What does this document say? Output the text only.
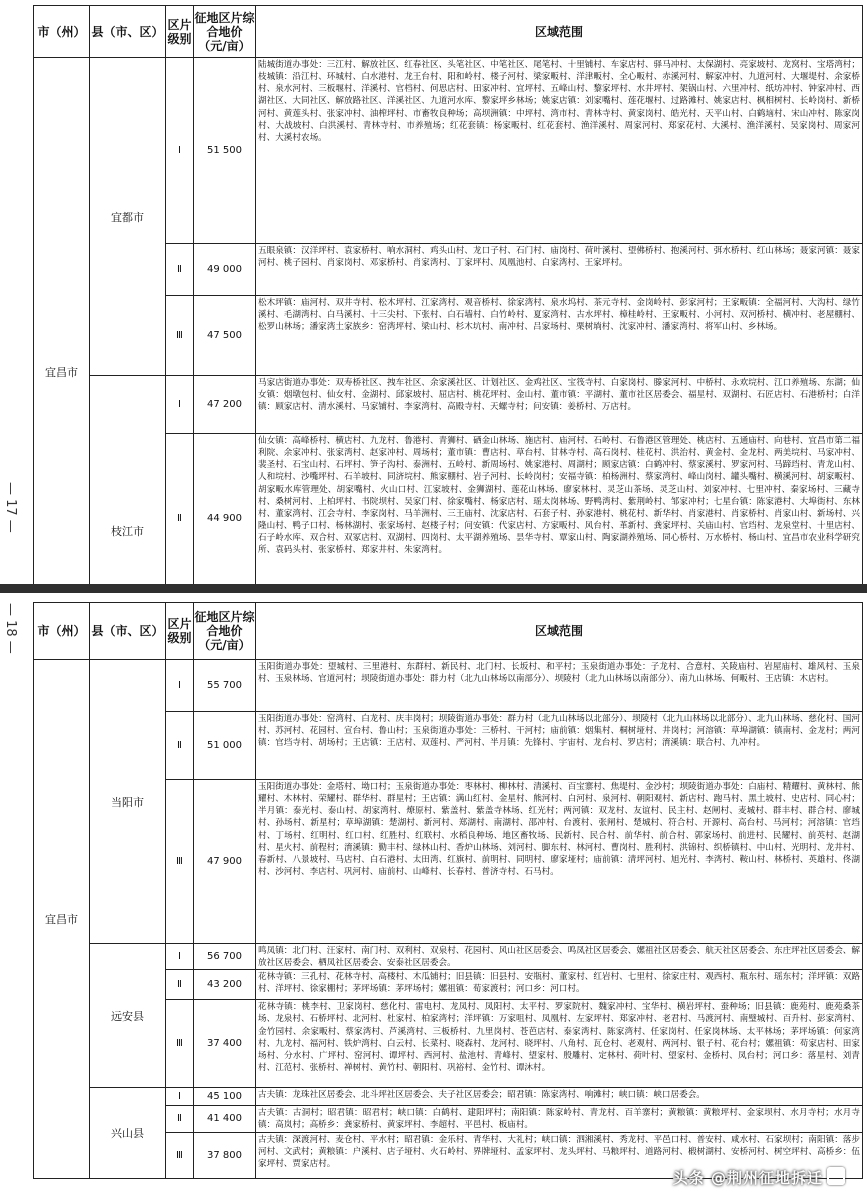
市（州）	县（市、区）	区片级别	征地区片综合地价（元/亩）	区域范围
宜昌市	宜都市	Ⅰ	51 500	陆城街道办事处：三江村、解放社区、红春社区、头笔社区、中笔社区、尾笔村、十里铺村、车家店村、驿马冲村、太保湖村、亮家坡村、龙窝村、宝塔湾村；枝城镇：沿江村、环城村、白水港村、龙王台村、阳和岭村、楼子河村、梁家畈村、洋津畈村、全心畈村、赤溪河村、解家冲村、九道河村、大堰堤村、余家桥村、泉水河村、三板堰村、洋溪村、官档村、何思店村、田家冲村、宜坪村、五峰山村、黎家坪村、水井坪村、架锅山村、六里冲村、纸坊冲村、钟家冲村、西湖社区、大同社区、解放路社区、洋溪社区、九道河水库、黎家坪乡林场；姚家店镇：刘家嘴村、莲花堰村、过路滩村、姚家店村、枫相树村、长岭岗村、新桥河村、黄莲头村、张家冲村、油榨坪村、市畜牧良种场；高坝洲镇：中坪村、湾市村、青林寺村、黄家岗村、皓光村、天平山村、白鹤垴村、宋山冲村、陈家岗村、大战坡村、白洪溪村、青林寺村、市养殖场；红花套镇：杨家畈村、红花套村、渔洋溪村、周家河村、郑家花村、大溪村、渔洋溪村、吴家岗村、周家河村、大溪村农场。
		Ⅱ	49 000	五眼泉镇：汉洋坪村、袁家桥村、响水洞村、鸡头山村、龙口子村、石门村、庙岗村、荷叶溪村、望佛桥村、抱溪河村、弭水桥村、红山林场；聂家河镇：聂家河村、桃子园村、肖家岗村、邓家桥村、肖家湾村、丁家坪村、凤凰池村、白家湾村、王家坪村。
		Ⅲ	47 500	松木坪镇：庙河村、双井寺村、松木坪村、江家湾村、观音桥村、徐家湾村、泉水坞村、茶元寺村、金岗岭村、彭家河村；王家畈镇：全福河村、大沟村、绿竹溪村、毛湖湾村、白马溪村、十三尖村、下张村、白石墙村、白竹岭村、夏家湾村、古水坪村、樟桂岭村、王家畈村、小河村、双河桥村、横冲村、老屋棚村、松罗山林场；潘家湾土家族乡：窑湾坪村、梁山村、杉木坑村、南冲村、吕家场村、栗树埫村、沈家冲村、潘家湾村、将军山村、乡林场。
	枝江市	Ⅰ	47 200	马家店街道办事处：双寿桥社区、拽车社区、余家溪社区、计划社区、金鸡社区、宝筏寺村、白家岗村、滕家河村、中桥村、永欢垸村、江口养殖场、东湖；仙女镇：烟墩包村、仙女村、金湖村、邱家坡村、屈店村、桃花坪村、金山村、董市镇：平湖村、董市社区居委会、福星村、双湖村、石匠店村、石港桥村；白洋镇：顾家店村、清水溪村、马家铺村、李家湾村、高殿寺村、天螺寺村；问安镇：姜桥村、万店村。
		Ⅱ	44 900	仙女镇：高峰桥村、横店村、九龙村、鲁港村、青狮村、硒金山林场、施店村、庙河村、石岭村、石鲁港区管理处、桃店村、五通庙村、向巷村、宜昌市第二福利院、余家冲村、张家湾村、赵家冲村、周场村；董市镇：曹店村、草台村、甘林寺村、高石岗村、桂花村、洪治村、黄金村、金龙村、两美垸村、马家冲村、裴圣村、石宝山村、石坪村、笋子沟村、泰洲村、五岭村、新周场村、姚家港村、周湖村；顾家店镇：白鹤冲村、蔡家溪村、罗家河村、马蹄垱村、青龙山村、人和垸村、沙嘴坪村、石羊坡村、同济垸村、熊家棚村、岩子河村、长岭岗村；安福寺镇：柏杨洲村、蔡家湾村、峰山岗村、罐头嘴村、横溪河村、胡家畈村、胡家畈水库管理处、胡家嘴村、火山口村、江家坡村、金狮湖村、莲花山林场、廖家林村、灵芝山茶场、灵芝山村、刘家冲村、七里冲村、秦家场村、三藏寺村、桑树河村、上柏坪村、书院坝村、吴家门村、徐家嘴村、杨家店村、瑶太岗林场、野鸭湾村、紫荆岭村、邹家冲村；七星台镇：陈家港村、大埠街村、东林村、董家湾村、江会寺村、李家岗村、马羊洲村、三王庙村、沈家店村、石套子村、孙家港村、桃花村、新华村、肖家港村、肖家桥村、肖家山村、新场村、兴隆山村、鸭子口村、杨林湖村、张家场村、赵楼子村；问安镇：代家店村、方家畈村、风台村、革新村、龚家坪村、关庙山村、官垱村、龙泉堂村、十里店村、石子岭水库、双合村、双冢店村、双湖村、四岗村、太平湖养殖场、昙华寺村、覃家山村、陶家湖养殖场、同心桥村、万水桥村、杨山村、宜昌市农业科学研究所、袁码头村、张家桥村、郑家井村、朱家湾村。

— 17 —
市（州）	县（市、区）	区片级别	征地区片综合地价（元/亩）	区域范围
宜昌市	当阳市	Ⅰ	55 700	玉阳街道办事处：望城村、三里港村、东群村、新民村、北门村、长坂村、和平村；玉泉街道办事处：子龙村、合意村、关陵庙村、岩屋庙村、雄风村、玉泉村、玉泉林场、官道河村；坝陵街道办事处：群力村（北九山林场以南部分）、坝陵村（北九山林场以南部分）、南九山林场、何畈村、王店镇：木店村。
		Ⅱ	51 000	玉阳街道办事处：窑湾村、白龙村、庆丰岗村；坝陵街道办事处：群力村（北九山林场以北部分）、坝陵村（北九山林场以北部分）、北九山林场、慈化村、国河村、苏河村、花园村、宣台村、鲁山村；玉泉街道办事处：三桥村、干河村；庙前镇：烟集村、桐树垭村、井岗村；河溶镇：草埠湖镇：镇南村、金龙村；两河镇：官垱寺村、胡场村；王店镇：王店村、双莲村、严河村、半月镇：先锋村、宇宙村、龙台村、罗店村；淯溪镇：联合村、九冲村。
		Ⅲ	47 900	玉阳街道办事处：金塔村、坳口村；玉泉街道办事处：枣林村、柳林村、清溪村、百宝寨村、焦堤村、金沙村；坝陵街道办事处：白庙村、精耀村、黄林村、熊耀村、木林村、荣耀村、群华村、群星村；王店镇：满山红村、金星村、熊河村、白河村、泉河村、朝阳观村、新店村、跑马村、黑土坡村、史店村、同心村；半月镇：泰光村、泰山村、胡家湾村、燎原村、紫盖村、紫盖寺林场、红光村；两河镇：双龙村、友谊村、民主村、赵闸村、麦城村、群丰村、群合村、廖城村、孙场村、新星村；草埠湖镇：楚湖村、新河村、郑湖村、南湖村、邵冲村、台渡村、张闸村、楚城村、符合村、开源村、高台村、马河村；河溶镇：官垱村、丁场村、红明村、红口村、红胜村、红联村、水稻良种场、地区畜牧场、民新村、民合村、前华村、前合村、郭家场村、前进村、民耀村、前英村、赵湖村、星火村、前程村；淯溪镇：勤丰村、绿林山村、香炉山林场、刘河村、脚东村、林河村、曹岗村、胜利村、洪锦村、织桥镇村、中山村、光明村、龙井村、春新村、八景坡村、马店村、白石港村、太田湾、红旗村、前明村、同明村、廖家垭村；庙前镇：清坪河村、旭光村、李湾村、鞍山村、林桥村、英雄村、佟湖村、沙河村、李店村、巩河村、庙前村、山峰村、长春村、普济寺村、石马村。
	远安县	Ⅰ	56 700	鸣凤镇：北门村、汪家村、南门村、双利村、双泉村、花园村、风山社区居委会、鸣凤社区居委会、嫘祖社区居委会、航天社区居委会、东庄坪社区居委会、解放社区居委会、栖凤社区居委会、安泰社区居委会。
		Ⅱ	43 200	花林寺镇：三孔村、花林寺村、高楼村、木瓜铺村；旧县镇：旧县村、安瓶村、董家村、红岩村、七里村、徐家庄村、观西村、瓶东村、瑶东村；洋坪镇：双路村、洋坪村、徐家棚村；茅坪场镇：茅坪场村；嫘祖镇：荀家渡村；河口乡：河口村。
		Ⅲ	37 400	花林寺镇：桃李村、卫家岗村、慈化村、雷电村、龙凤村、凤阳村、太平村、罗家院村、魏家冲村、宝华村、横岩坪村、蚕种场；旧县镇：鹿苑村、鹿苑桑茶场、龙泉村、石桥坪村、北河村、杜家村、柏家湾村；洋坪镇：万家咀村、凤凰村、左家坪村、郑家冲村、老君村、马渡河村、南璧城村、百升村、彭家湾村、金竹园村、余家畈村、蔡家湾村、芦溪湾村、三板桥村、九里岗村、苍芭店村、泰家湾村、陈家湾村、任家岗村、任家岗林场、太平林场；茅坪场镇：何家湾村、九龙村、福河村、铁炉湾村、白云村、长菜村、晓森村、龙河村、晓坪村、八角村、瓦仓村、老观村、两河村、银子村、花台村；嫘祖镇：苟家店村、田家场村、分水村、广坪村、窑河村、谭坪村、西河村、盐池村、青峰村、望家村、殷雕村、定林村、荷叶村、望家村、金桥村、凤台村；河口乡：落星村、刘青村、江范村、张桥村、禅树村、黄竹村、朝阳村、巩裕村、金竹村、谭沐村。
	兴山县	Ⅰ	45 100	古夫镇：龙珠社区居委会、北斗坪社区居委会、夫子社区居委会；昭君镇：陈家湾村、响滩村；峡口镇：峡口居委会。
		Ⅱ	41 400	古夫镇：古洞村；昭君镇：昭君村；峡口镇：白鹤村、建阳坪村；南阳镇：陈家岭村、青龙村、百羊寨村；黄粮镇：黄粮坪村、金家坝村、水月寺村；水月寺镇：高岚村；高桥乡：龚家桥村、黄家坪村、李超村、平邑村、板庙村。
		Ⅲ	37 800	古夫镇：深渡河村、麦仓村、平水村；昭君镇：金乐村、青华村、大礼村；峡口镇：泗湘溪村、秀龙村、平邑口村、普安村、咸水村、石家坝村；南阳镇：落步河村、文武村；黄粮镇：户溪村、店子垭村、火石岭村、界牌垭村、孟家坪村、龙头坪村、马粮坪村、道路河村、椴树湖村、安桥河村、树空坪村、高桥乡：伍家坪村、贾家店村。
— 18 —
头条 @荆州征地拆迁
